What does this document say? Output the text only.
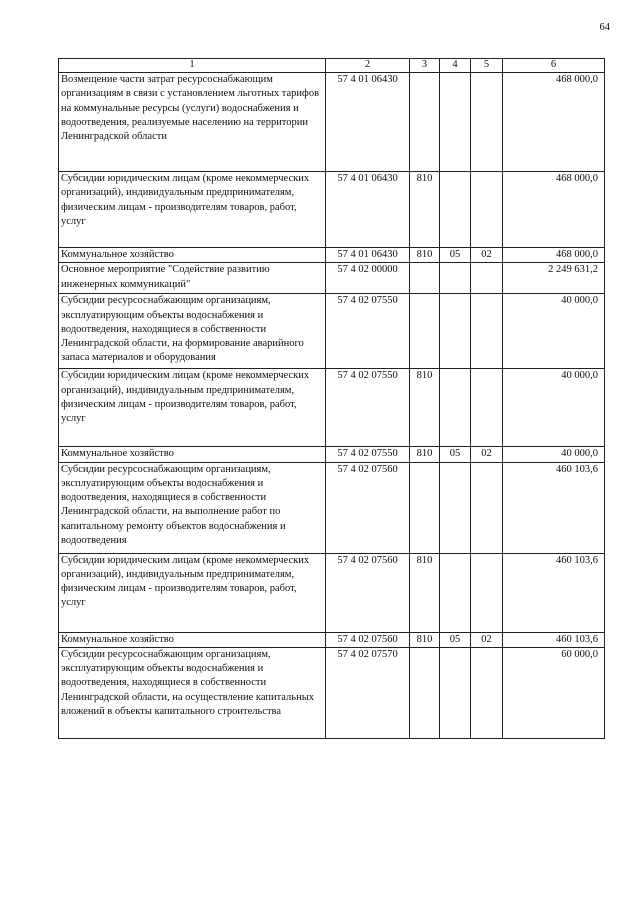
64
1	2	3	4	5	6
Возмещение части затрат ресурсоснабжающим организациям в связи с установлением льготных тарифов на коммунальные ресурсы (услуги) водоснабжения и водоотведения, реализуемые населению на территории Ленинградской области	57 4 01 06430				468 000,0
Субсидии юридическим лицам (кроме некоммерческих организаций), индивидуальным предпринимателям, физическим лицам - производителям товаров, работ, услуг	57 4 01 06430	810			468 000,0
Коммунальное хозяйство	57 4 01 06430	810	05	02	468 000,0
Основное мероприятие "Содействие развитию инженерных коммуникаций"	57 4 02 00000				2 249 631,2
Субсидии ресурсоснабжающим организациям, эксплуатирующим объекты водоснабжения и водоотведения, находящиеся в собственности Ленинградской области, на формирование аварийного запаса материалов и оборудования	57 4 02 07550				40 000,0
Субсидии юридическим лицам (кроме некоммерческих организаций), индивидуальным предпринимателям, физическим лицам - производителям товаров, работ, услуг	57 4 02 07550	810			40 000,0
Коммунальное хозяйство	57 4 02 07550	810	05	02	40 000,0
Субсидии ресурсоснабжающим организациям, эксплуатирующим объекты водоснабжения и водоотведения, находящиеся в собственности Ленинградской области, на выполнение работ по капитальному ремонту объектов водоснабжения и водоотведения	57 4 02 07560				460 103,6
Субсидии юридическим лицам (кроме некоммерческих организаций), индивидуальным предпринимателям, физическим лицам - производителям товаров, работ, услуг	57 4 02 07560	810			460 103,6
Коммунальное хозяйство	57 4 02 07560	810	05	02	460 103,6
Субсидии ресурсоснабжающим организациям, эксплуатирующим объекты водоснабжения и водоотведения, находящиеся в собственности Ленинградской области, на осуществление капитальных вложений в объекты капитального строительства	57 4 02 07570				60 000,0
